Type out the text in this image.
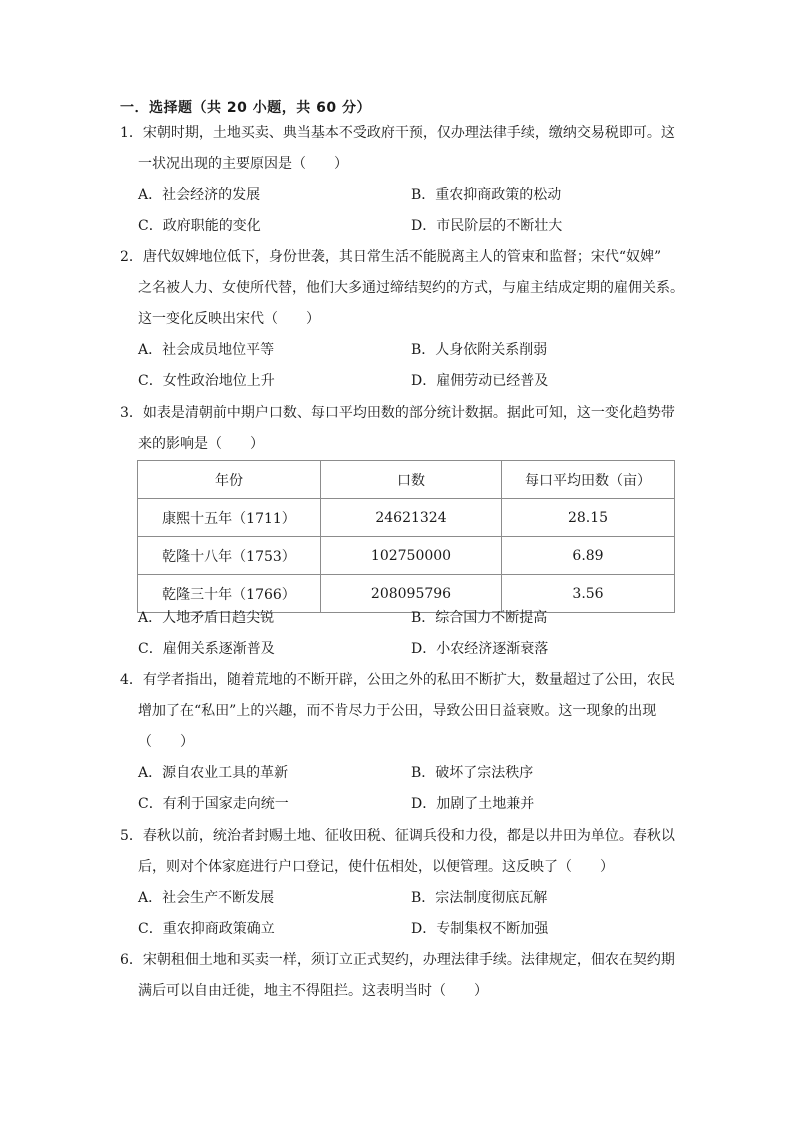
一．选择题（共 20 小题，共 60 分）
1．宋朝时期，土地买卖、典当基本不受政府干预，仅办理法律手续，缴纳交易税即可。这
一状况出现的主要原因是（　　）
A．社会经济的发展	B．重农抑商政策的松动
C．政府职能的变化	D．市民阶层的不断壮大
2．唐代奴婢地位低下，身份世袭，其日常生活不能脱离主人的管束和监督；宋代“奴婢”
之名被人力、女使所代替，他们大多通过缔结契约的方式，与雇主结成定期的雇佣关系。
这一变化反映出宋代（　　）
A．社会成员地位平等	B．人身依附关系削弱
C．女性政治地位上升	D．雇佣劳动已经普及
3．如表是清朝前中期户口数、每口平均田数的部分统计数据。据此可知，这一变化趋势带
来的影响是（　　）
年份	口数	每口平均田数（亩）
康熙十五年（1711）	24621324	28.15
乾隆十八年（1753）	102750000	6.89
乾隆三十年（1766）	208095796	3.56
A．人地矛盾日趋尖锐	B．综合国力不断提高
C．雇佣关系逐渐普及	D．小农经济逐渐衰落
4．有学者指出，随着荒地的不断开辟，公田之外的私田不断扩大，数量超过了公田，农民
增加了在“私田”上的兴趣，而不肯尽力于公田，导致公田日益衰败。这一现象的出现
（　　）
A．源自农业工具的革新	B．破坏了宗法秩序
C．有利于国家走向统一	D．加剧了土地兼并
5．春秋以前，统治者封赐土地、征收田税、征调兵役和力役，都是以井田为单位。春秋以
后，则对个体家庭进行户口登记，使什伍相处，以便管理。这反映了（　　）
A．社会生产不断发展	B．宗法制度彻底瓦解
C．重农抑商政策确立	D．专制集权不断加强
6．宋朝租佃土地和买卖一样，须订立正式契约，办理法律手续。法律规定，佃农在契约期
满后可以自由迁徙，地主不得阻拦。这表明当时（　　）
